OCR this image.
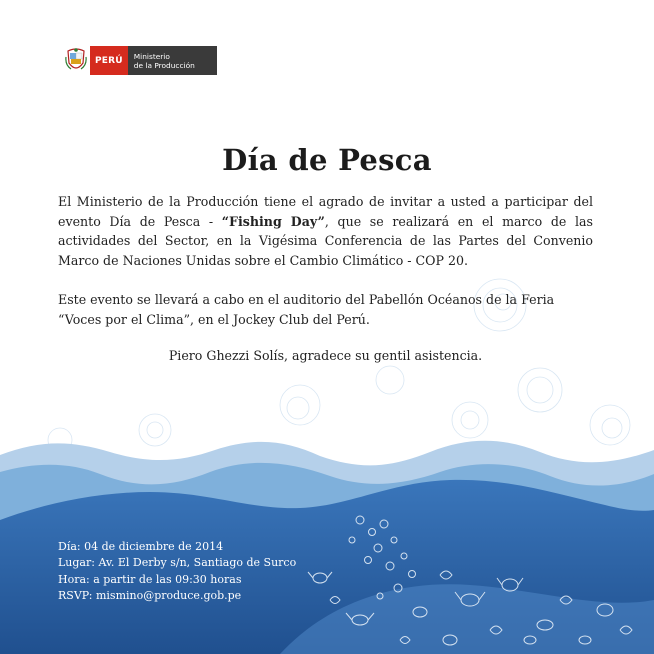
PERÚ	Ministerio
de la Producción
Día de Pesca
El Ministerio de la Producción tiene el agrado de invitar a usted a participar del evento Día de Pesca - “Fishing Day”, que se realizará en el marco de las actividades del Sector, en la Vigésima Conferencia de las Partes del Convenio Marco de Naciones Unidas sobre el Cambio Climático - COP 20.
Este evento se llevará a cabo en el auditorio del Pabellón Océanos de la Feria “Voces por el Clima”, en el Jockey Club del Perú.
Piero Ghezzi Solís, agradece su gentil asistencia.
Día: 04 de diciembre de 2014
Lugar: Av. El Derby s/n, Santiago de Surco
Hora: a partir de las 09:30 horas
RSVP: mismino@produce.gob.pe
